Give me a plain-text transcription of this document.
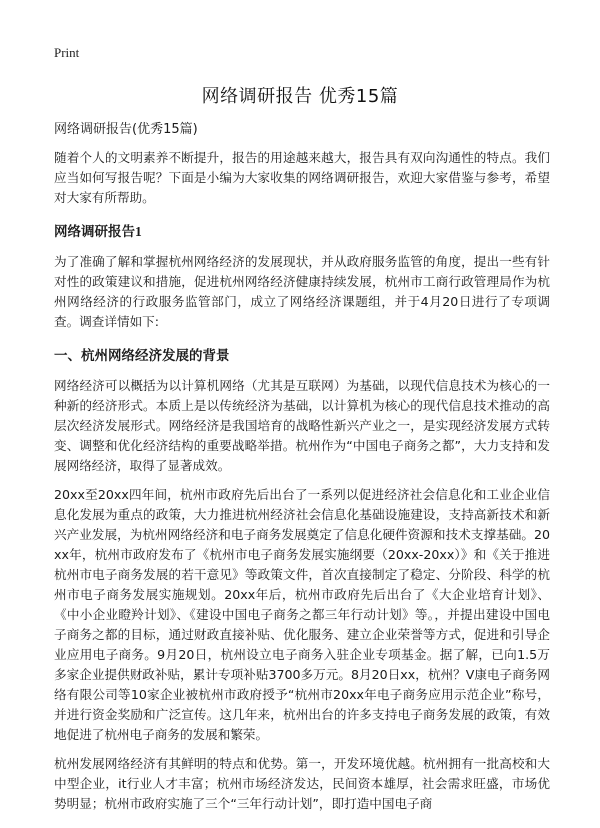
Print
网络调研报告 优秀15篇
网络调研报告(优秀15篇)

随着个人的文明素养不断提升，报告的用途越来越大，报告具有双向沟通性的特点。我们应当如何写报告呢？下面是小编为大家收集的网络调研报告，欢迎大家借鉴与参考，希望对大家有所帮助。

网络调研报告1

为了准确了解和掌握杭州网络经济的发展现状，并从政府服务监管的角度，提出一些有针对性的政策建议和措施，促进杭州网络经济健康持续发展，杭州市工商行政管理局作为杭州网络经济的行政服务监管部门，成立了网络经济课题组，并于4月20日进行了专项调查。调查详情如下:

一、杭州网络经济发展的背景

网络经济可以概括为以计算机网络（尤其是互联网）为基础，以现代信息技术为核心的一种新的经济形式。本质上是以传统经济为基础，以计算机为核心的现代信息技术推动的高层次经济发展形式。网络经济是我国培育的战略性新兴产业之一，是实现经济发展方式转变、调整和优化经济结构的重要战略举措。杭州作为“中国电子商务之都”，大力支持和发展网络经济，取得了显著成效。

20xx至20xx四年间，杭州市政府先后出台了一系列以促进经济社会信息化和工业企业信息化发展为重点的政策，大力推进杭州经济社会信息化基础设施建设，支持高新技术和新兴产业发展，为杭州网络经济和电子商务发展奠定了信息化硬件资源和技术支撑基础。20xx年，杭州市政府发布了《杭州市电子商务发展实施纲要（20xx-20xx）》和《关于推进杭州市电子商务发展的若干意见》等政策文件，首次直接制定了稳定、分阶段、科学的杭州市电子商务发展实施规划。20xx年后，杭州市政府先后出台了《大企业培育计划》、《中小企业瞪羚计划》、《建设中国电子商务之都三年行动计划》等。，并提出建设中国电子商务之都的目标，通过财政直接补贴、优化服务、建立企业荣誉等方式，促进和引导企业应用电子商务。9月20日，杭州设立电子商务入驻企业专项基金。据了解，已向1.5万多家企业提供财政补贴，累计专项补贴3700多万元。8月20日xx，杭州？V康电子商务网络有限公司等10家企业被杭州市政府授予“杭州市20xx年电子商务应用示范企业”称号，并进行资金奖励和广泛宣传。这几年来，杭州出台的许多支持电子商务发展的政策，有效地促进了杭州电子商务的发展和繁荣。

杭州发展网络经济有其鲜明的特点和优势。第一，开发环境优越。杭州拥有一批高校和大中型企业，it行业人才丰富；杭州市场经济发达，民间资本雄厚，社会需求旺盛，市场优势明显；杭州市政府实施了三个“三年行动计划”，即打造中国电子商
